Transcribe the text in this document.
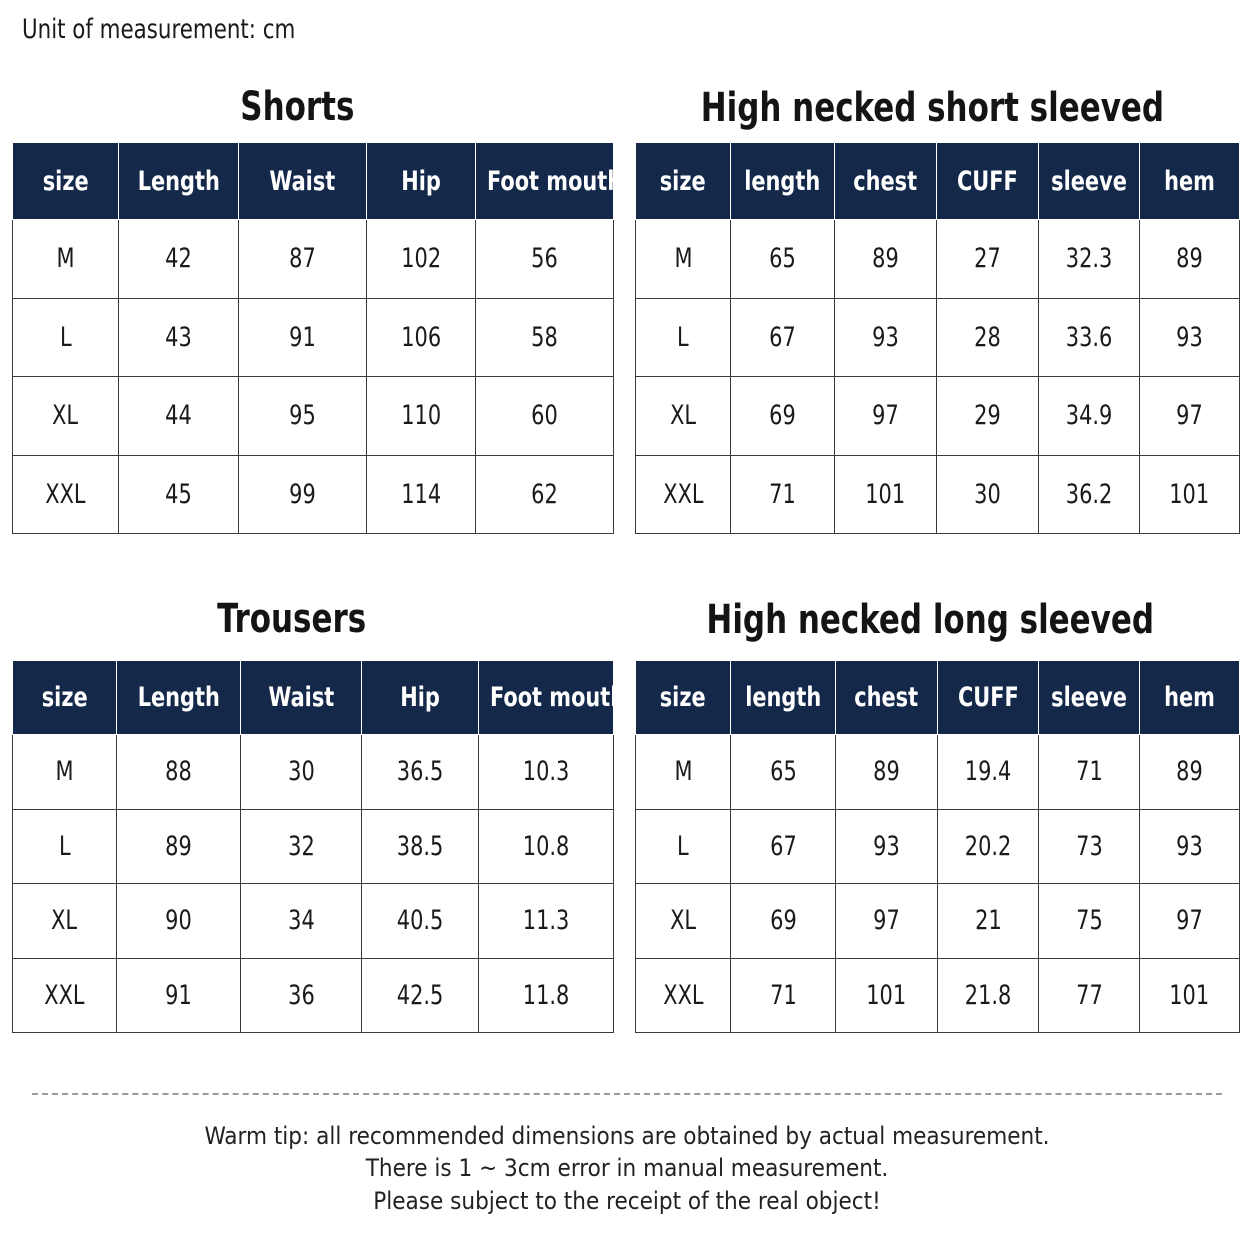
Unit of measurement: cm
Shorts
size	Length	Waist	Hip	Foot mouth
M	42	87	102	56
L	43	91	106	58
XL	44	95	110	60
XXL	45	99	114	62
High necked short sleeved
size	length	chest	CUFF	sleeve	hem
M	65	89	27	32.3	89
L	67	93	28	33.6	93
XL	69	97	29	34.9	97
XXL	71	101	30	36.2	101
Trousers
size	Length	Waist	Hip	Foot mouth
M	88	30	36.5	10.3
L	89	32	38.5	10.8
XL	90	34	40.5	11.3
XXL	91	36	42.5	11.8
High necked long sleeved
size	length	chest	CUFF	sleeve	hem
M	65	89	19.4	71	89
L	67	93	20.2	73	93
XL	69	97	21	75	97
XXL	71	101	21.8	77	101
Warm tip: all recommended dimensions are obtained by actual measurement.
There is 1 ~ 3cm error in manual measurement.
Please subject to the receipt of the real object!
